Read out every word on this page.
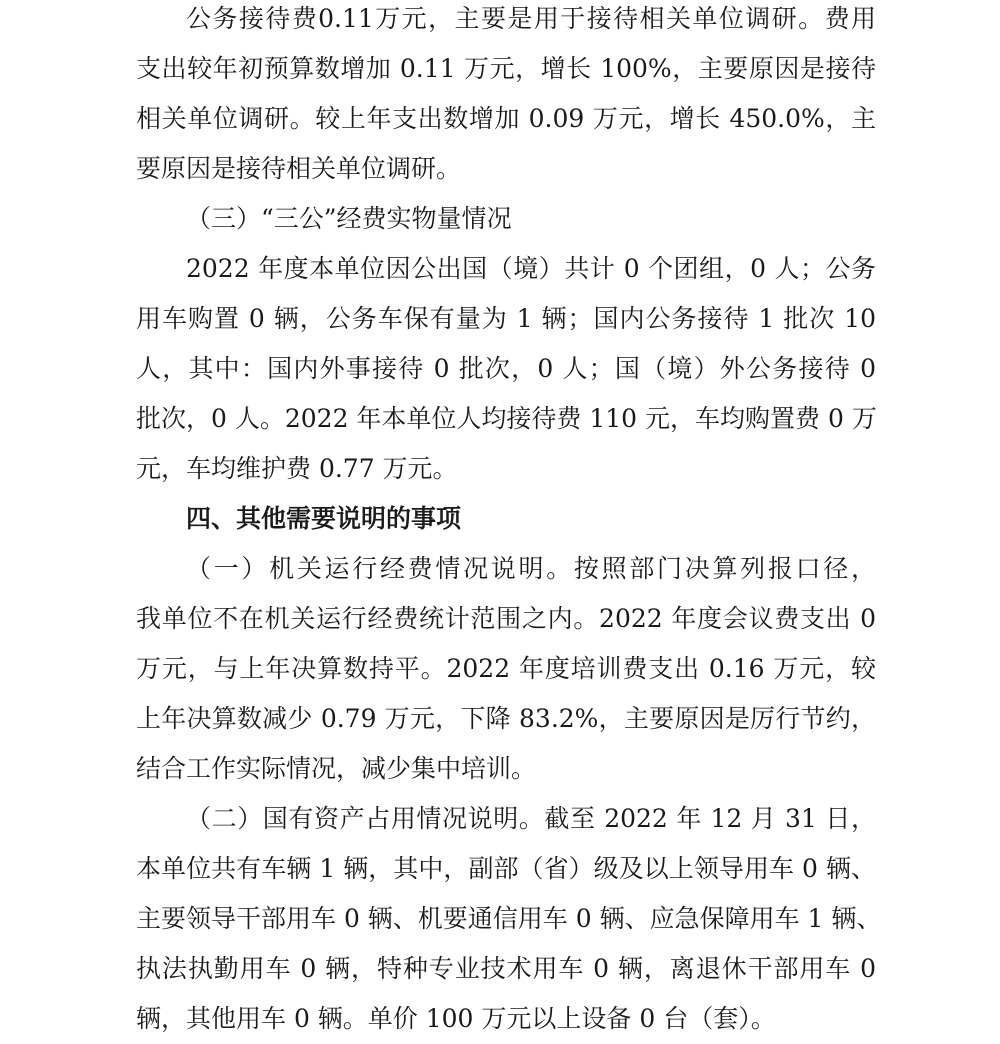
公务接待费0.11万元，主要是用于接待相关单位调研。费用
支出较年初预算数增加 0.11 万元，增长 100%，主要原因是接待
相关单位调研。较上年支出数增加 0.09 万元，增长 450.0%，主
要原因是接待相关单位调研。
（三）“三公”经费实物量情况
2022 年度本单位因公出国（境）共计 0 个团组，0 人；公务
用车购置 0 辆，公务车保有量为 1 辆；国内公务接待 1 批次 10
人，其中：国内外事接待 0 批次，0 人；国（境）外公务接待 0
批次，0 人。2022 年本单位人均接待费 110 元，车均购置费 0 万
元，车均维护费 0.77 万元。
四、其他需要说明的事项
（一）机关运行经费情况说明。按照部门决算列报口径，
我单位不在机关运行经费统计范围之内。2022 年度会议费支出 0
万元，与上年决算数持平。2022 年度培训费支出 0.16 万元，较
上年决算数减少 0.79 万元，下降 83.2%，主要原因是厉行节约，
结合工作实际情况，减少集中培训。
（二）国有资产占用情况说明。截至 2022 年 12 月 31 日，
本单位共有车辆 1 辆，其中，副部（省）级及以上领导用车 0 辆、
主要领导干部用车 0 辆、机要通信用车 0 辆、应急保障用车 1 辆、
执法执勤用车 0 辆，特种专业技术用车 0 辆，离退休干部用车 0
辆，其他用车 0 辆。单价 100 万元以上设备 0 台（套）。
